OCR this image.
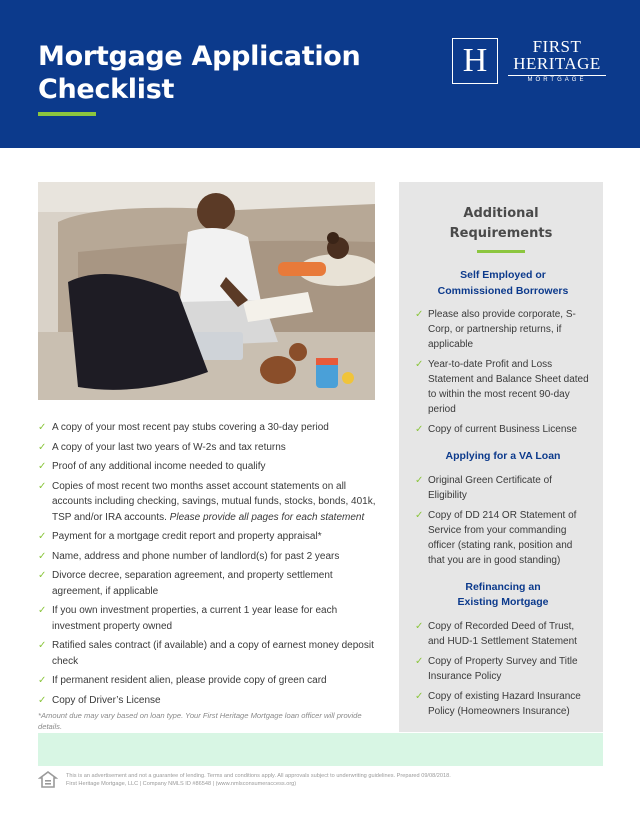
Mortgage Application
Checklist
H	FIRST
HERITAGE
MORTGAGE
✓ A copy of your most recent pay stubs covering a 30-day period
✓ A copy of your last two years of W-2s and tax returns
✓ Proof of any additional income needed to qualify
✓ Copies of most recent two months asset account statements on all accounts including checking, savings, mutual funds, stocks, bonds, 401k, TSP and/or IRA accounts. Please provide all pages for each statement
✓ Payment for a mortgage credit report and property appraisal*
✓ Name, address and phone number of landlord(s) for past 2 years
✓ Divorce decree, separation agreement, and property settlement agreement, if applicable
✓ If you own investment properties, a current 1 year lease for each investment property owned
✓ Ratified sales contract (if available) and a copy of earnest money deposit check
✓ If permanent resident alien, please provide copy of green card
✓ Copy of Driver’s License
*Amount due may vary based on loan type. Your First Heritage Mortgage loan officer will provide details.
Additional
Requirements
Self Employed or
Commissioned Borrowers
✓ Please also provide corporate, S-Corp, or partnership returns, if applicable
✓ Year-to-date Profit and Loss Statement and Balance Sheet dated to within the most recent 90-day period
✓ Copy of current Business License
Applying for a VA Loan
✓ Original Green Certificate of Eligibility
✓ Copy of DD 214 OR Statement of Service from your commanding officer (stating rank, position and that you are in good standing)
Refinancing an
Existing Mortgage
✓ Copy of Recorded Deed of Trust, and HUD-1 Settlement Statement
✓ Copy of Property Survey and Title Insurance Policy
✓ Copy of existing Hazard Insurance Policy (Homeowners Insurance)
This is an advertisement and not a guarantee of lending. Terms and conditions apply. All approvals subject to underwriting guidelines. Prepared 09/08/2018.
First Heritage Mortgage, LLC | Company NMLS ID #86548 | (www.nmlsconsumeraccess.org)
